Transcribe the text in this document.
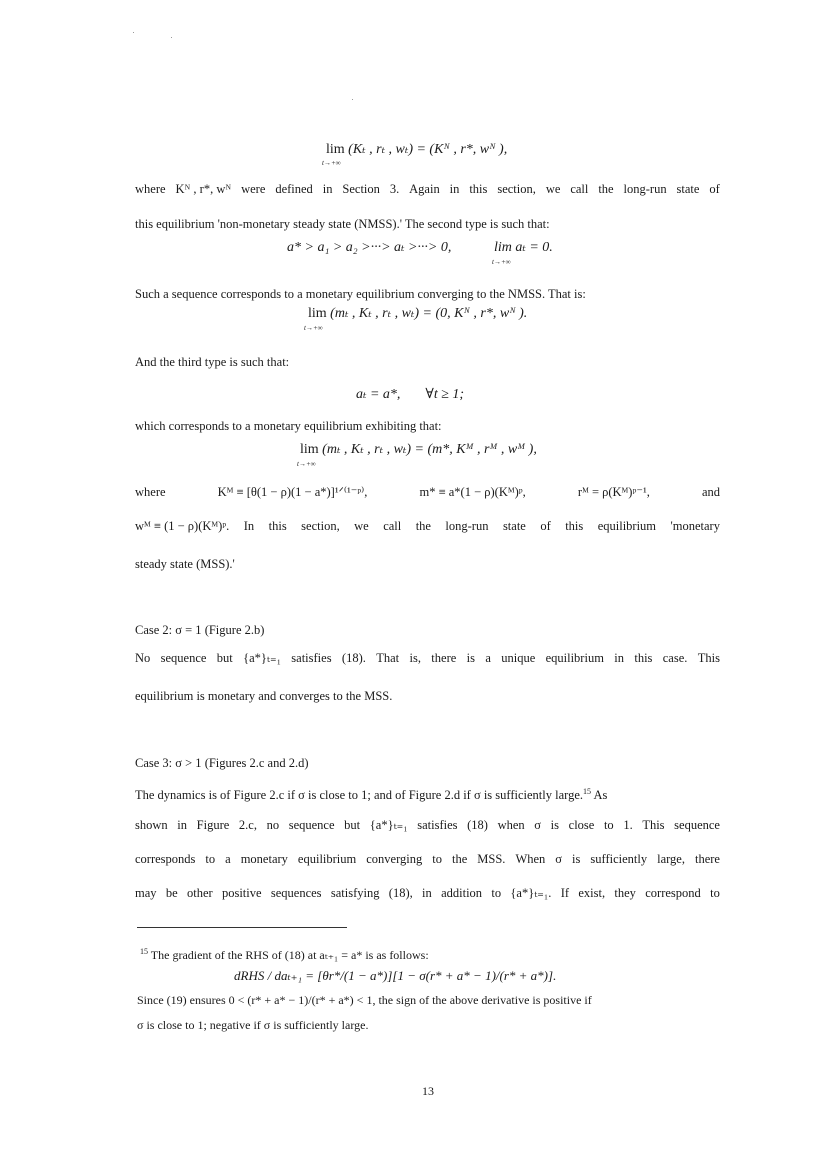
lim (Kₜ , rₜ , wₜ) = (Kᴺ , r*, wᴺ ),
t→+∞
where Kᴺ , r*, wᴺ were defined in Section 3. Again in this section, we call the long-run state of
this equilibrium 'non-monetary steady state (NMSS).' The second type is such that:
a* > a₁ > a₂ >···> aₜ >···> 0,	lim aₜ = 0.
t→+∞
Such a sequence corresponds to a monetary equilibrium converging to the NMSS. That is:
lim (mₜ , Kₜ , rₜ , wₜ) = (0, Kᴺ , r*, wᴺ ).
t→+∞
And the third type is such that:
aₜ = a*, ∀t ≥ 1;
which corresponds to a monetary equilibrium exhibiting that:
lim (mₜ , Kₜ , rₜ , wₜ) = (m*, Kᴹ , rᴹ , wᴹ ),
t→+∞
where	Kᴹ ≡ [θ(1 − ρ)(1 − a*)]¹ᐟ⁽¹⁻ᵖ⁾,	m* ≡ a*(1 − ρ)(Kᴹ)ᵖ,	rᴹ = ρ(Kᴹ)ᵖ⁻¹,	and
wᴹ ≡ (1 − ρ)(Kᴹ)ᵖ. In this section, we call the long-run state of this equilibrium 'monetary
steady state (MSS).'
Case 2: σ = 1 (Figure 2.b)
No sequence but {a*}ₜ₌₁ satisfies (18). That is, there is a unique equilibrium in this case. This
equilibrium is monetary and converges to the MSS.
Case 3: σ > 1 (Figures 2.c and 2.d)
The dynamics is of Figure 2.c if σ is close to 1; and of Figure 2.d if σ is sufficiently large.$^{15}$ As
shown in Figure 2.c, no sequence but {a*}ₜ₌₁ satisfies (18) when σ is close to 1. This sequence
corresponds to a monetary equilibrium converging to the MSS. When σ is sufficiently large, there
may be other positive sequences satisfying (18), in addition to {a*}ₜ₌₁. If exist, they correspond to
$^{15}$ The gradient of the RHS of (18) at aₜ₊₁ = a* is as follows:
dRHS / daₜ₊₁ = [θr*/(1 − a*)][1 − σ(r* + a* − 1)/(r* + a*)].
Since (19) ensures 0 < (r* + a* − 1)/(r* + a*) < 1, the sign of the above derivative is positive if
σ is close to 1; negative if σ is sufficiently large.
13
